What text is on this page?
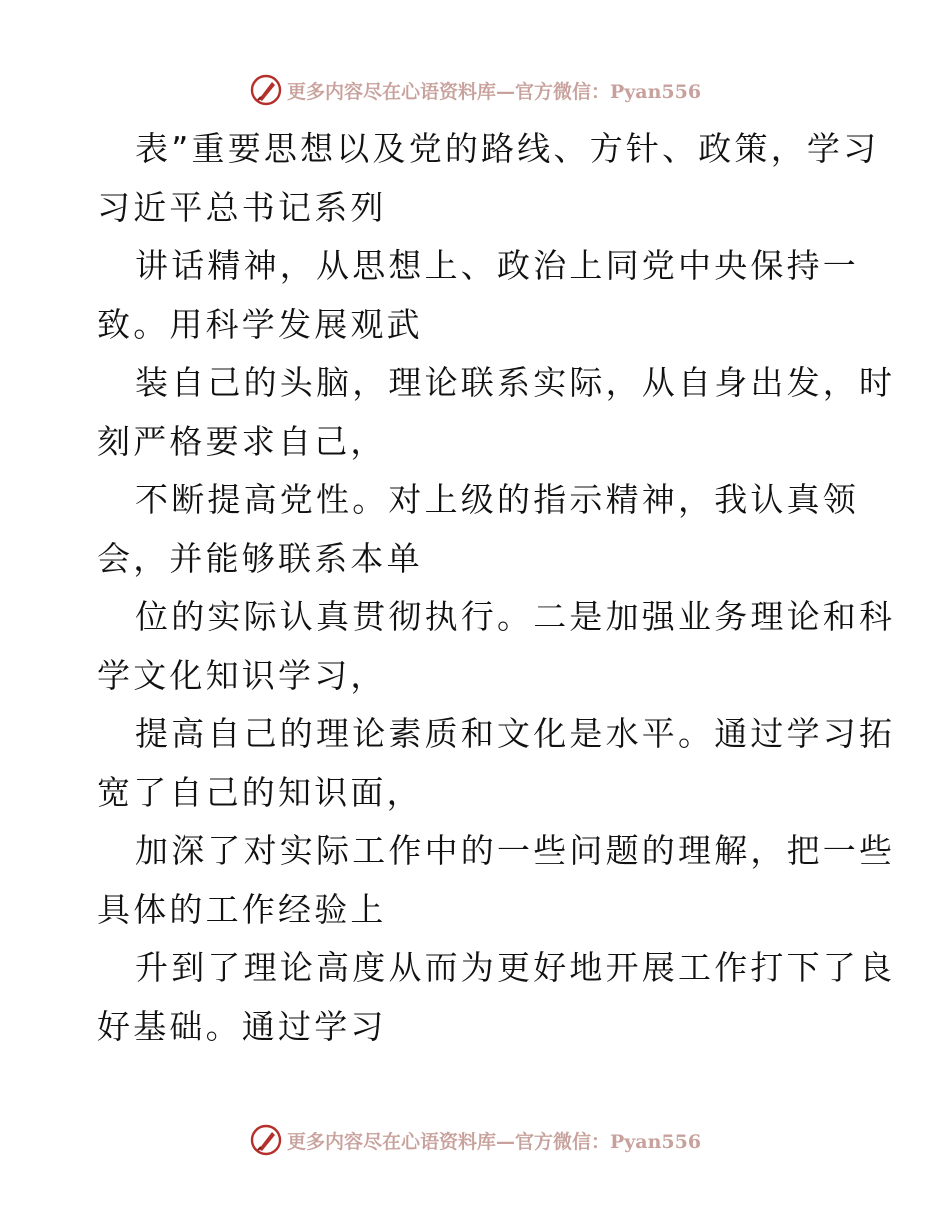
更多内容尽在心语资料库—官方微信：Pyan556
表”重要思想以及党的路线、方针、政策，学习
习近平总书记系列
讲话精神，从思想上、政治上同党中央保持一
致。用科学发展观武
装自己的头脑，理论联系实际，从自身出发，时
刻严格要求自己，
不断提高党性。对上级的指示精神，我认真领
会，并能够联系本单
位的实际认真贯彻执行。二是加强业务理论和科
学文化知识学习，
提高自己的理论素质和文化是水平。通过学习拓
宽了自己的知识面，
加深了对实际工作中的一些问题的理解，把一些
具体的工作经验上
升到了理论高度从而为更好地开展工作打下了良
好基础。通过学习
更多内容尽在心语资料库—官方微信：Pyan556
